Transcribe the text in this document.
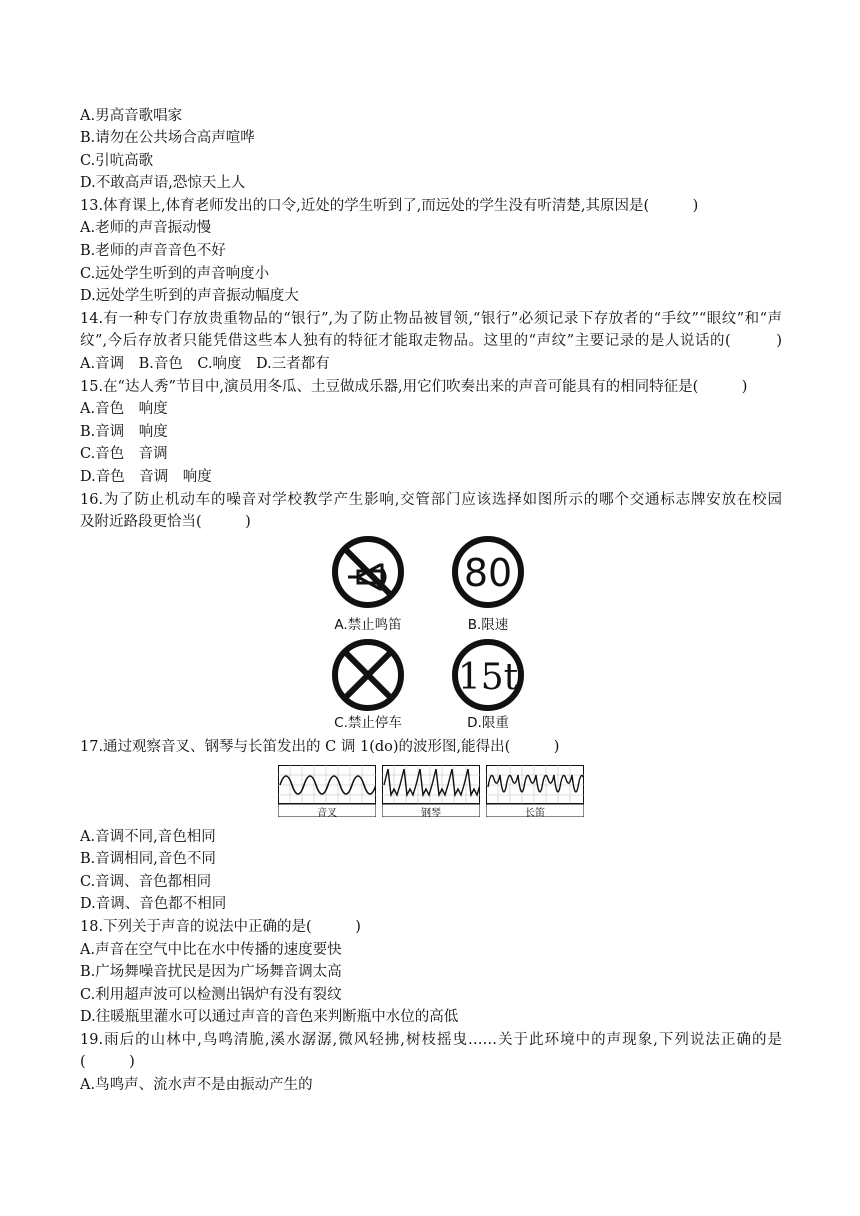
A.男高音歌唱家
B.请勿在公共场合高声喧哗
C.引吭高歌
D.不敢高声语,恐惊天上人
13.体育课上,体育老师发出的口令,近处的学生听到了,而远处的学生没有听清楚,其原因是(　　　)
A.老师的声音振动慢
B.老师的声音音色不好
C.远处学生听到的声音响度小
D.远处学生听到的声音振动幅度大
14.有一种专门存放贵重物品的“银行”,为了防止物品被冒领,“银行”必须记录下存放者的“手纹”“眼纹”和“声
纹”,今后存放者只能凭借这些本人独有的特征才能取走物品。这里的“声纹”主要记录的是人说话的(　　　)
A.音调　B.音色　C.响度　D.三者都有
15.在“达人秀”节目中,演员用冬瓜、土豆做成乐器,用它们吹奏出来的声音可能具有的相同特征是(　　　)
A.音色　响度
B.音调　响度
C.音色　音调
D.音色　音调　响度
16.为了防止机动车的噪音对学校教学产生影响,交管部门应该选择如图所示的哪个交通标志牌安放在校园
及附近路段更恰当(　　　)
80
15t
A.禁止鸣笛	B.限速
C.禁止停车	D.限重
17.通过观察音叉、钢琴与长笛发出的 C 调 1(do)的波形图,能得出(　　　)
音叉	钢琴	长笛
A.音调不同,音色相同
B.音调相同,音色不同
C.音调、音色都相同
D.音调、音色都不相同
18.下列关于声音的说法中正确的是(　　　)
A.声音在空气中比在水中传播的速度要快
B.广场舞噪音扰民是因为广场舞音调太高
C.利用超声波可以检测出锅炉有没有裂纹
D.往暖瓶里灌水可以通过声音的音色来判断瓶中水位的高低
19.雨后的山林中,鸟鸣清脆,溪水潺潺,微风轻拂,树枝摇曳……关于此环境中的声现象,下列说法正确的是
(　　　)
A.鸟鸣声、流水声不是由振动产生的
